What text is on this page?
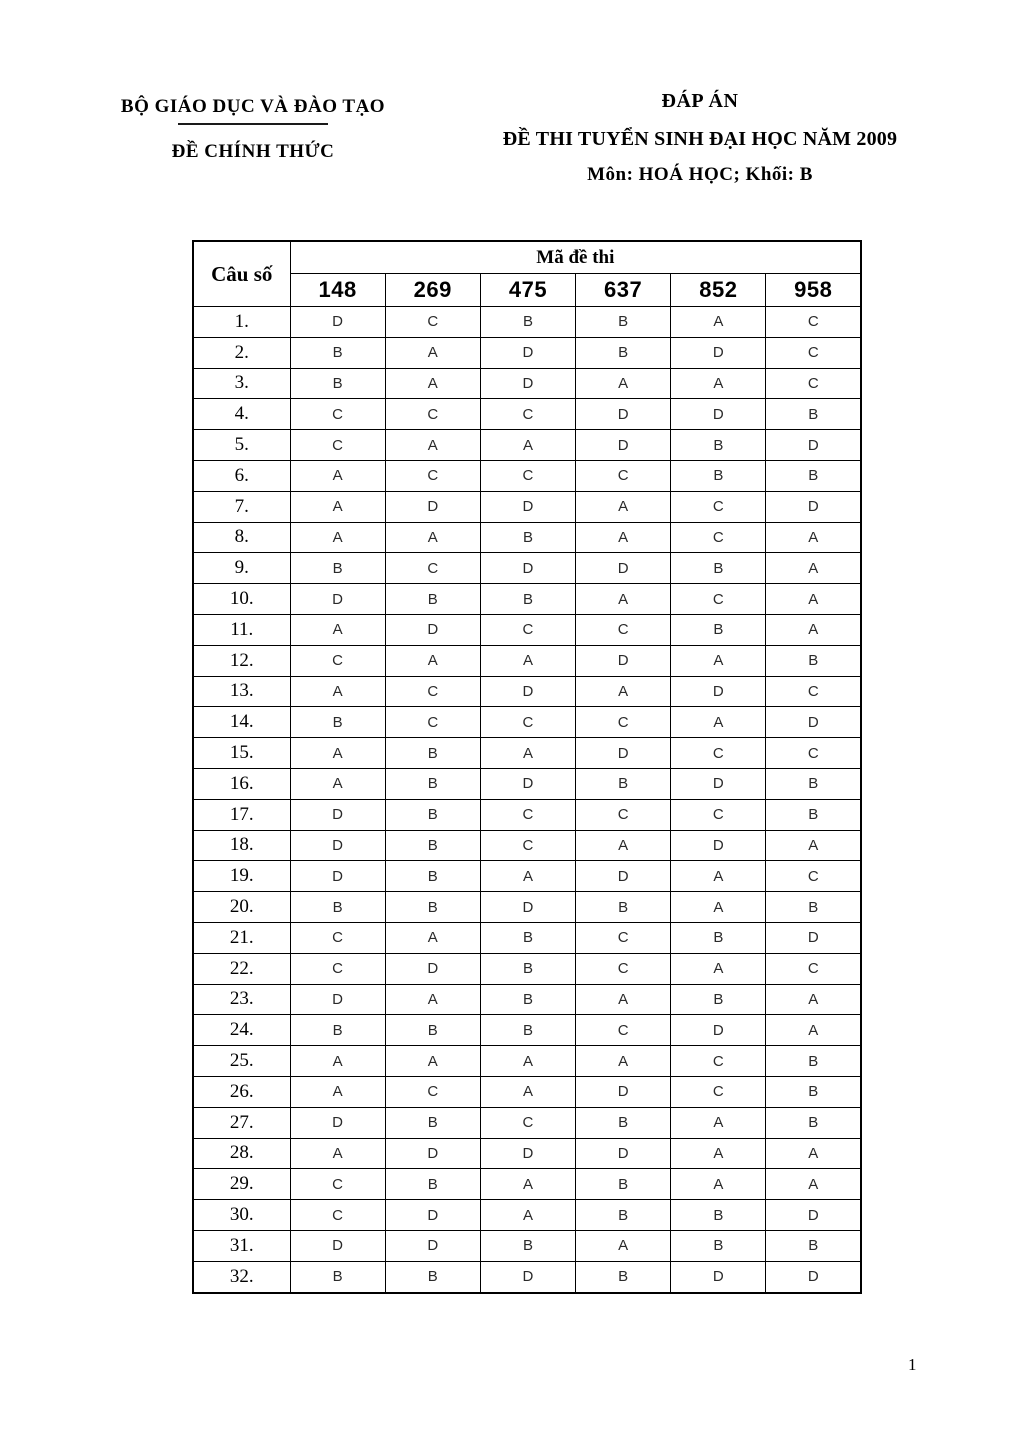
BỘ GIÁO DỤC VÀ ĐÀO TẠO
ĐỀ CHÍNH THỨC
ĐÁP ÁN
ĐỀ THI TUYỂN SINH ĐẠI HỌC NĂM 2009
Môn: HOÁ HỌC; Khối: B
Câu số	Mã đề thi					
	148	269	475	637	852	958
1.	D	C	B	B	A	C
2.	B	A	D	B	D	C
3.	B	A	D	A	A	C
4.	C	C	C	D	D	B
5.	C	A	A	D	B	D
6.	A	C	C	C	B	B
7.	A	D	D	A	C	D
8.	A	A	B	A	C	A
9.	B	C	D	D	B	A
10.	D	B	B	A	C	A
11.	A	D	C	C	B	A
12.	C	A	A	D	A	B
13.	A	C	D	A	D	C
14.	B	C	C	C	A	D
15.	A	B	A	D	C	C
16.	A	B	D	B	D	B
17.	D	B	C	C	C	B
18.	D	B	C	A	D	A
19.	D	B	A	D	A	C
20.	B	B	D	B	A	B
21.	C	A	B	C	B	D
22.	C	D	B	C	A	C
23.	D	A	B	A	B	A
24.	B	B	B	C	D	A
25.	A	A	A	A	C	B
26.	A	C	A	D	C	B
27.	D	B	C	B	A	B
28.	A	D	D	D	A	A
29.	C	B	A	B	A	A
30.	C	D	A	B	B	D
31.	D	D	B	A	B	B
32.	B	B	D	B	D	D
1
